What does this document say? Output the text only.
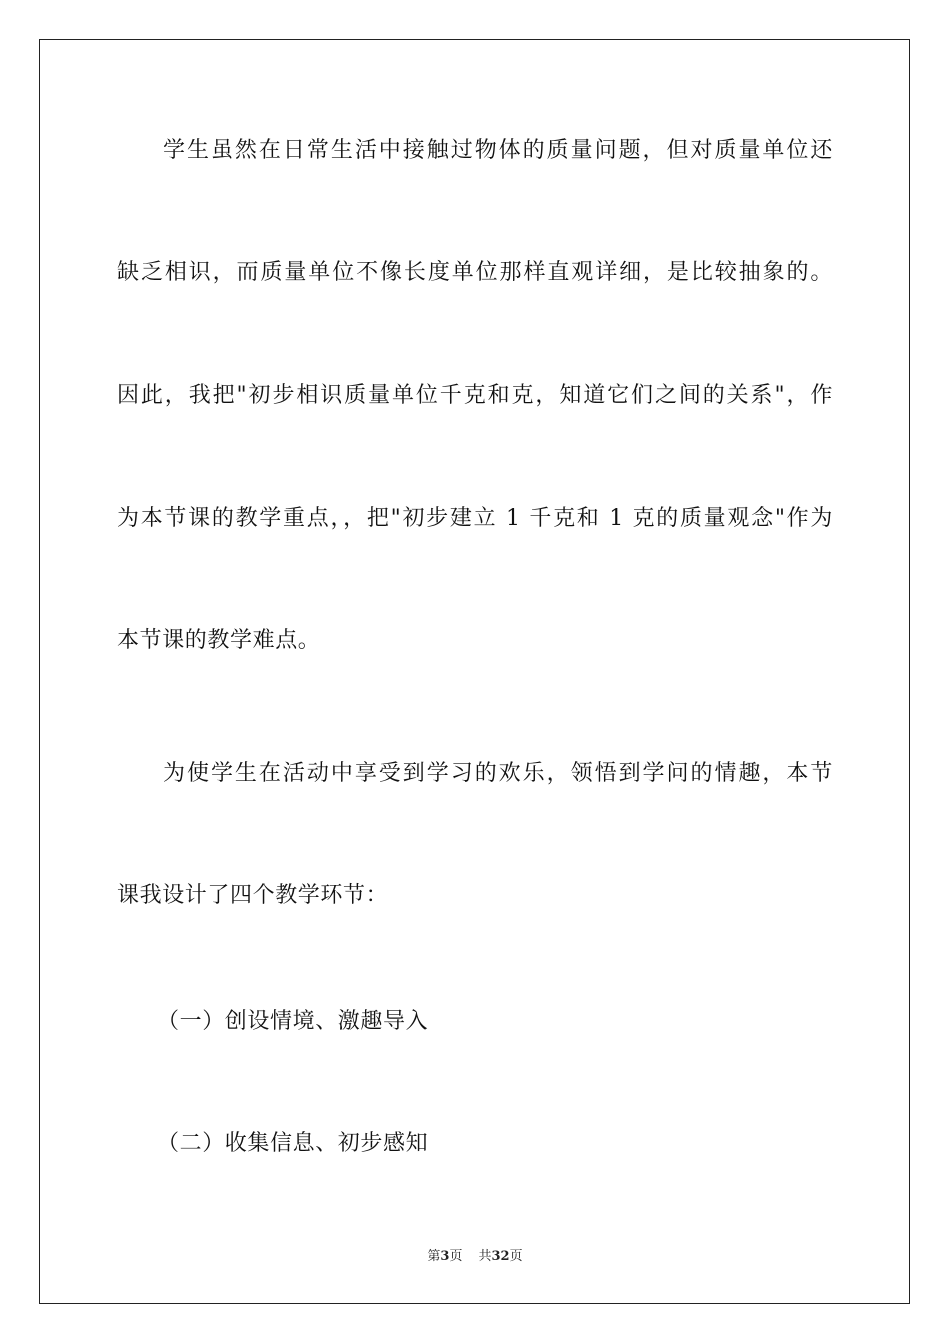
学生虽然在日常生活中接触过物体的质量问题，但对质量单位还
缺乏相识，而质量单位不像长度单位那样直观详细，是比较抽象的。
因此，我把"初步相识质量单位千克和克，知道它们之间的关系"，作
为本节课的教学重点，，把"初步建立 1 千克和 1 克的质量观念"作为
本节课的教学难点。
为使学生在活动中享受到学习的欢乐，领悟到学问的情趣，本节
课我设计了四个教学环节：
（一）创设情境、激趣导入
（二）收集信息、初步感知
第3页 共32页
